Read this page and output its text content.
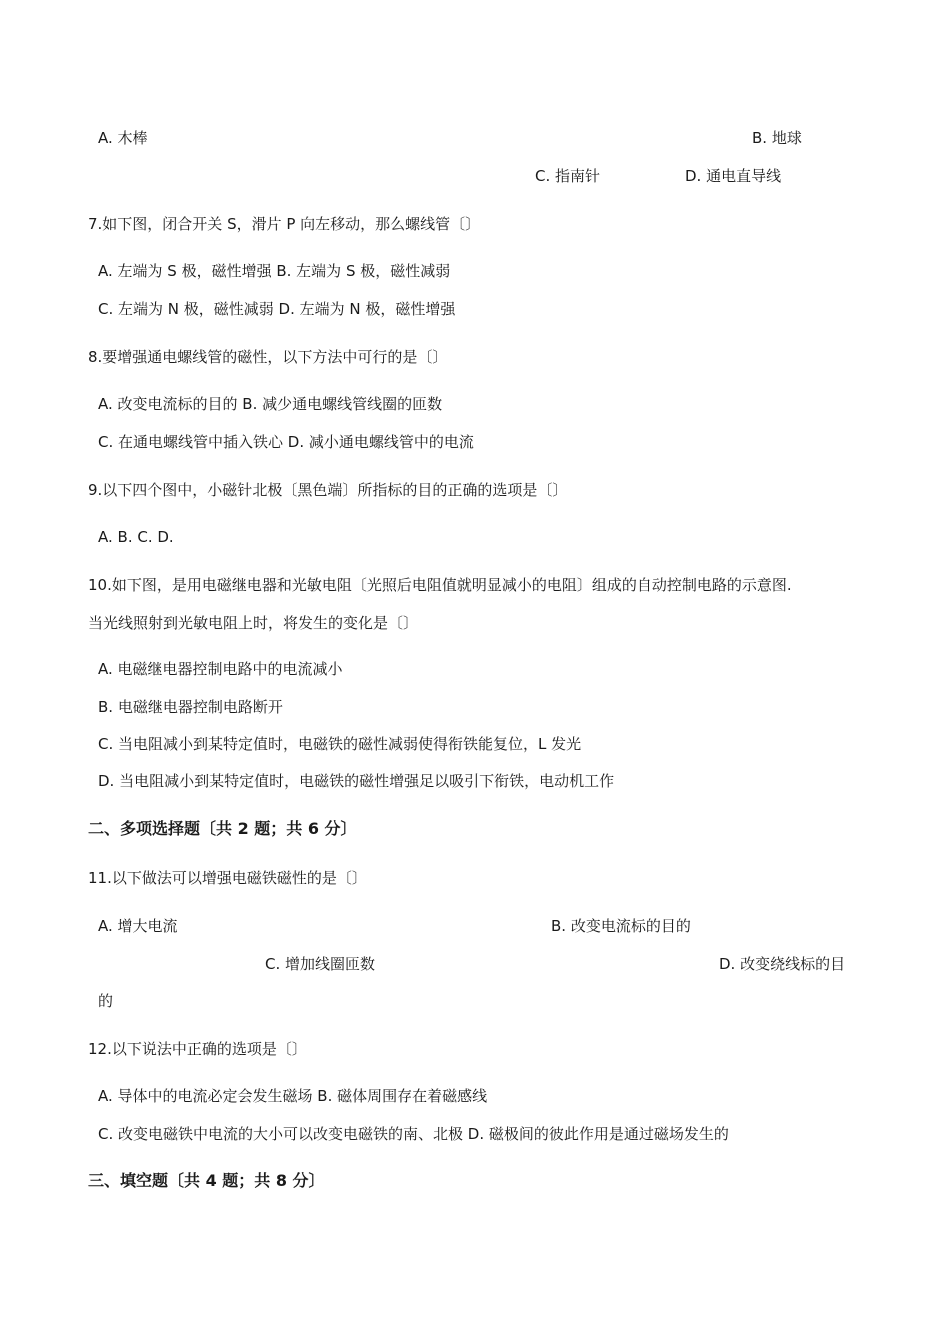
A. 木棒	B. 地球
C. 指南针	D. 通电直导线
7.如下图，闭合开关 S，滑片 P 向左移动，那么螺线管〔〕
A. 左端为 S 极，磁性增强 B. 左端为 S 极，磁性减弱
C. 左端为 N 极，磁性减弱 D. 左端为 N 极，磁性增强
8.要增强通电螺线管的磁性，以下方法中可行的是〔〕
A. 改变电流标的目的 B. 减少通电螺线管线圈的匝数
C. 在通电螺线管中插入铁心 D. 减小通电螺线管中的电流
9.以下四个图中，小磁针北极〔黑色端〕所指标的目的正确的选项是〔〕
A. B. C. D.
10.如下图，是用电磁继电器和光敏电阻〔光照后电阻值就明显减小的电阻〕组成的自动控制电路的示意图.
当光线照射到光敏电阻上时，将发生的变化是〔〕
A. 电磁继电器控制电路中的电流减小
B. 电磁继电器控制电路断开
C. 当电阻减小到某特定值时，电磁铁的磁性减弱使得衔铁能复位，L 发光
D. 当电阻减小到某特定值时，电磁铁的磁性增强足以吸引下衔铁，电动机工作
二、多项选择题〔共 2 题；共 6 分〕
11.以下做法可以增强电磁铁磁性的是〔〕
A. 增大电流	B. 改变电流标的目的
C. 增加线圈匝数	D. 改变绕线标的目
的
12.以下说法中正确的选项是〔〕
A. 导体中的电流必定会发生磁场 B. 磁体周围存在着磁感线
C. 改变电磁铁中电流的大小可以改变电磁铁的南、北极 D. 磁极间的彼此作用是通过磁场发生的
三、填空题〔共 4 题；共 8 分〕
